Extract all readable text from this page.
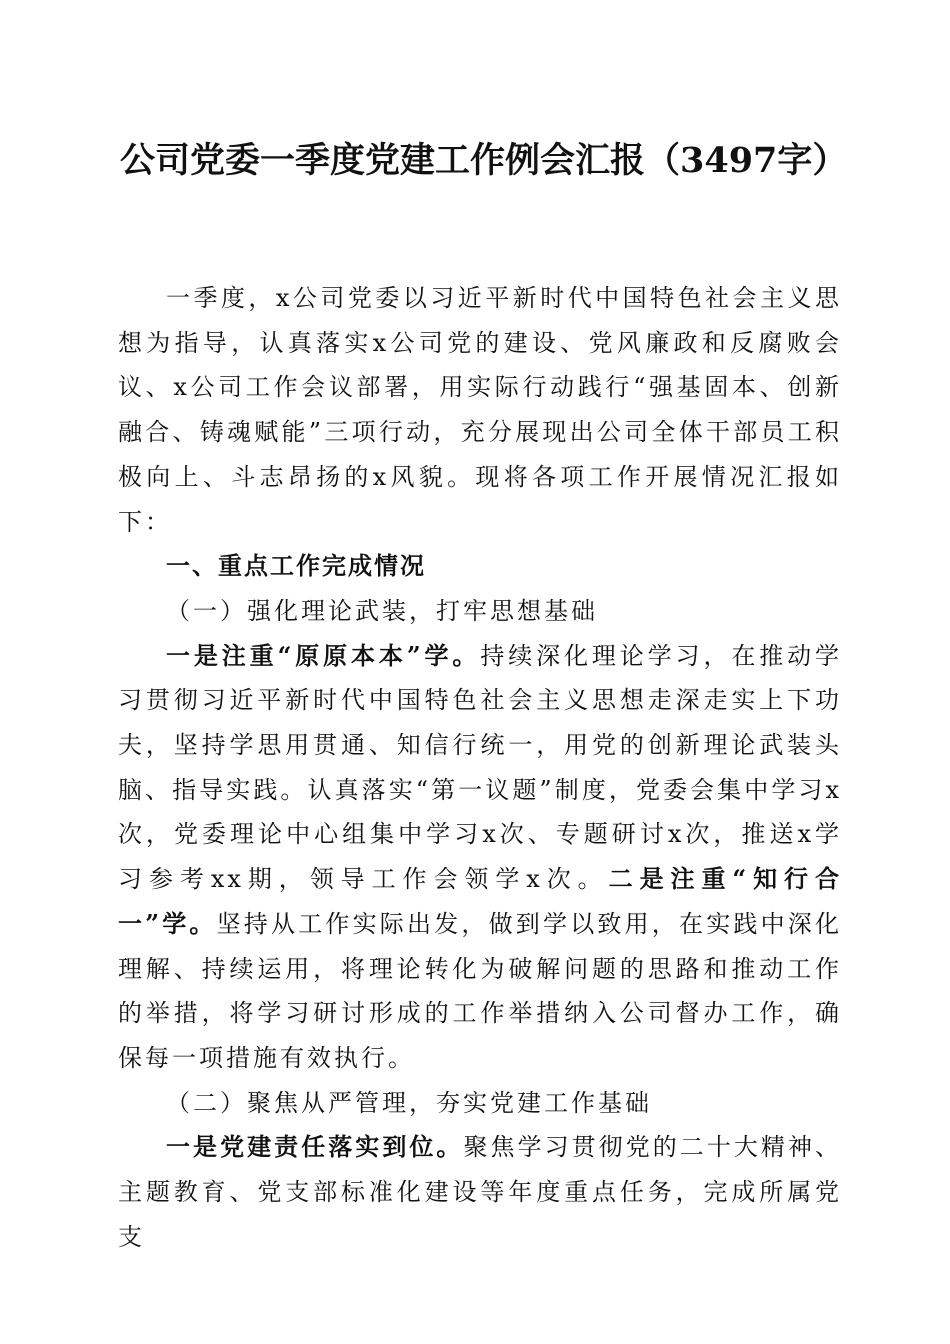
公司党委一季度党建工作例会汇报（3497字）

一季度，x公司党委以习近平新时代中国特色社会主义思想为指导，认真落实x公司党的建设、党风廉政和反腐败会议、x公司工作会议部署，用实际行动践行“强基固本、创新融合、铸魂赋能”三项行动，充分展现出公司全体干部员工积极向上、斗志昂扬的x风貌。现将各项工作开展情况汇报如下：

一、重点工作完成情况

（一）强化理论武装，打牢思想基础

一是注重“原原本本”学。持续深化理论学习，在推动学习贯彻习近平新时代中国特色社会主义思想走深走实上下功夫，坚持学思用贯通、知信行统一，用党的创新理论武装头脑、指导实践。认真落实“第一议题”制度，党委会集中学习x次，党委理论中心组集中学习x次、专题研讨x次，推送x学习参考xx期，领导工作会领学x次。二是注重“知行合一”学。坚持从工作实际出发，做到学以致用，在实践中深化理解、持续运用，将理论转化为破解问题的思路和推动工作的举措，将学习研讨形成的工作举措纳入公司督办工作，确保每一项措施有效执行。

（二）聚焦从严管理，夯实党建工作基础

一是党建责任落实到位。聚焦学习贯彻党的二十大精神、主题教育、党支部标准化建设等年度重点任务，完成所属党支
